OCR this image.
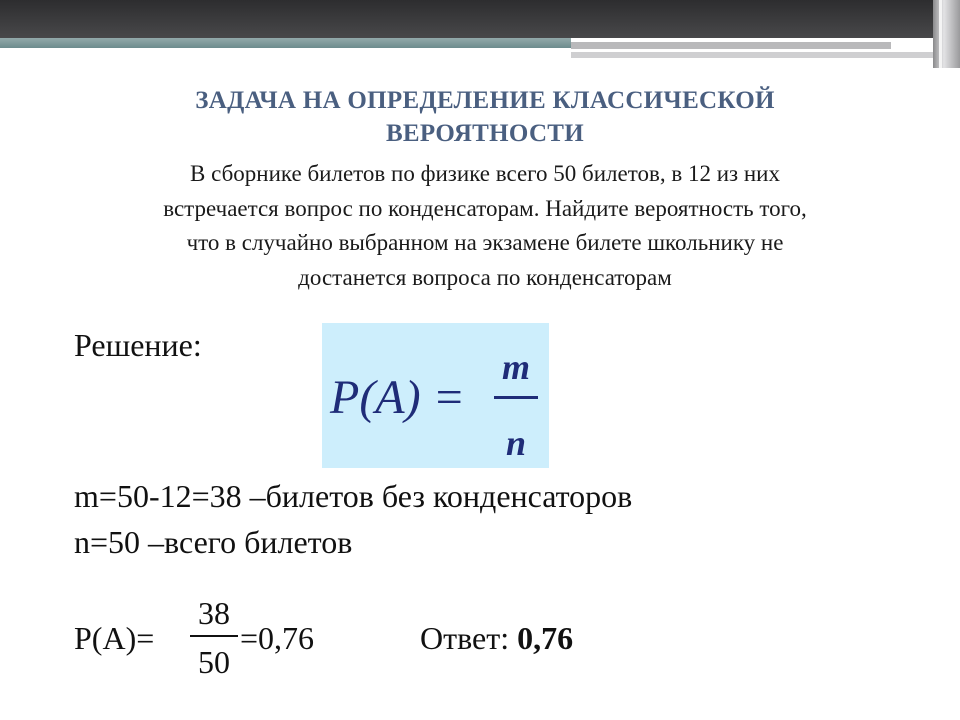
ЗАДАЧА НА ОПРЕДЕЛЕНИЕ КЛАССИЧЕСКОЙ
ВЕРОЯТНОСТИ
В сборнике билетов по физике всего 50 билетов, в 12 из них
встречается вопрос по конденсаторам. Найдите вероятность того,
что в случайно выбранном на экзамене билете школьнику не
достанется вопроса по конденсаторам
Решение:
P(A) =
m
n
m=50-12=38 –билетов без конденсаторов
n=50 –всего билетов
P(A)=
38
50
=0,76	Ответ: 0,76
